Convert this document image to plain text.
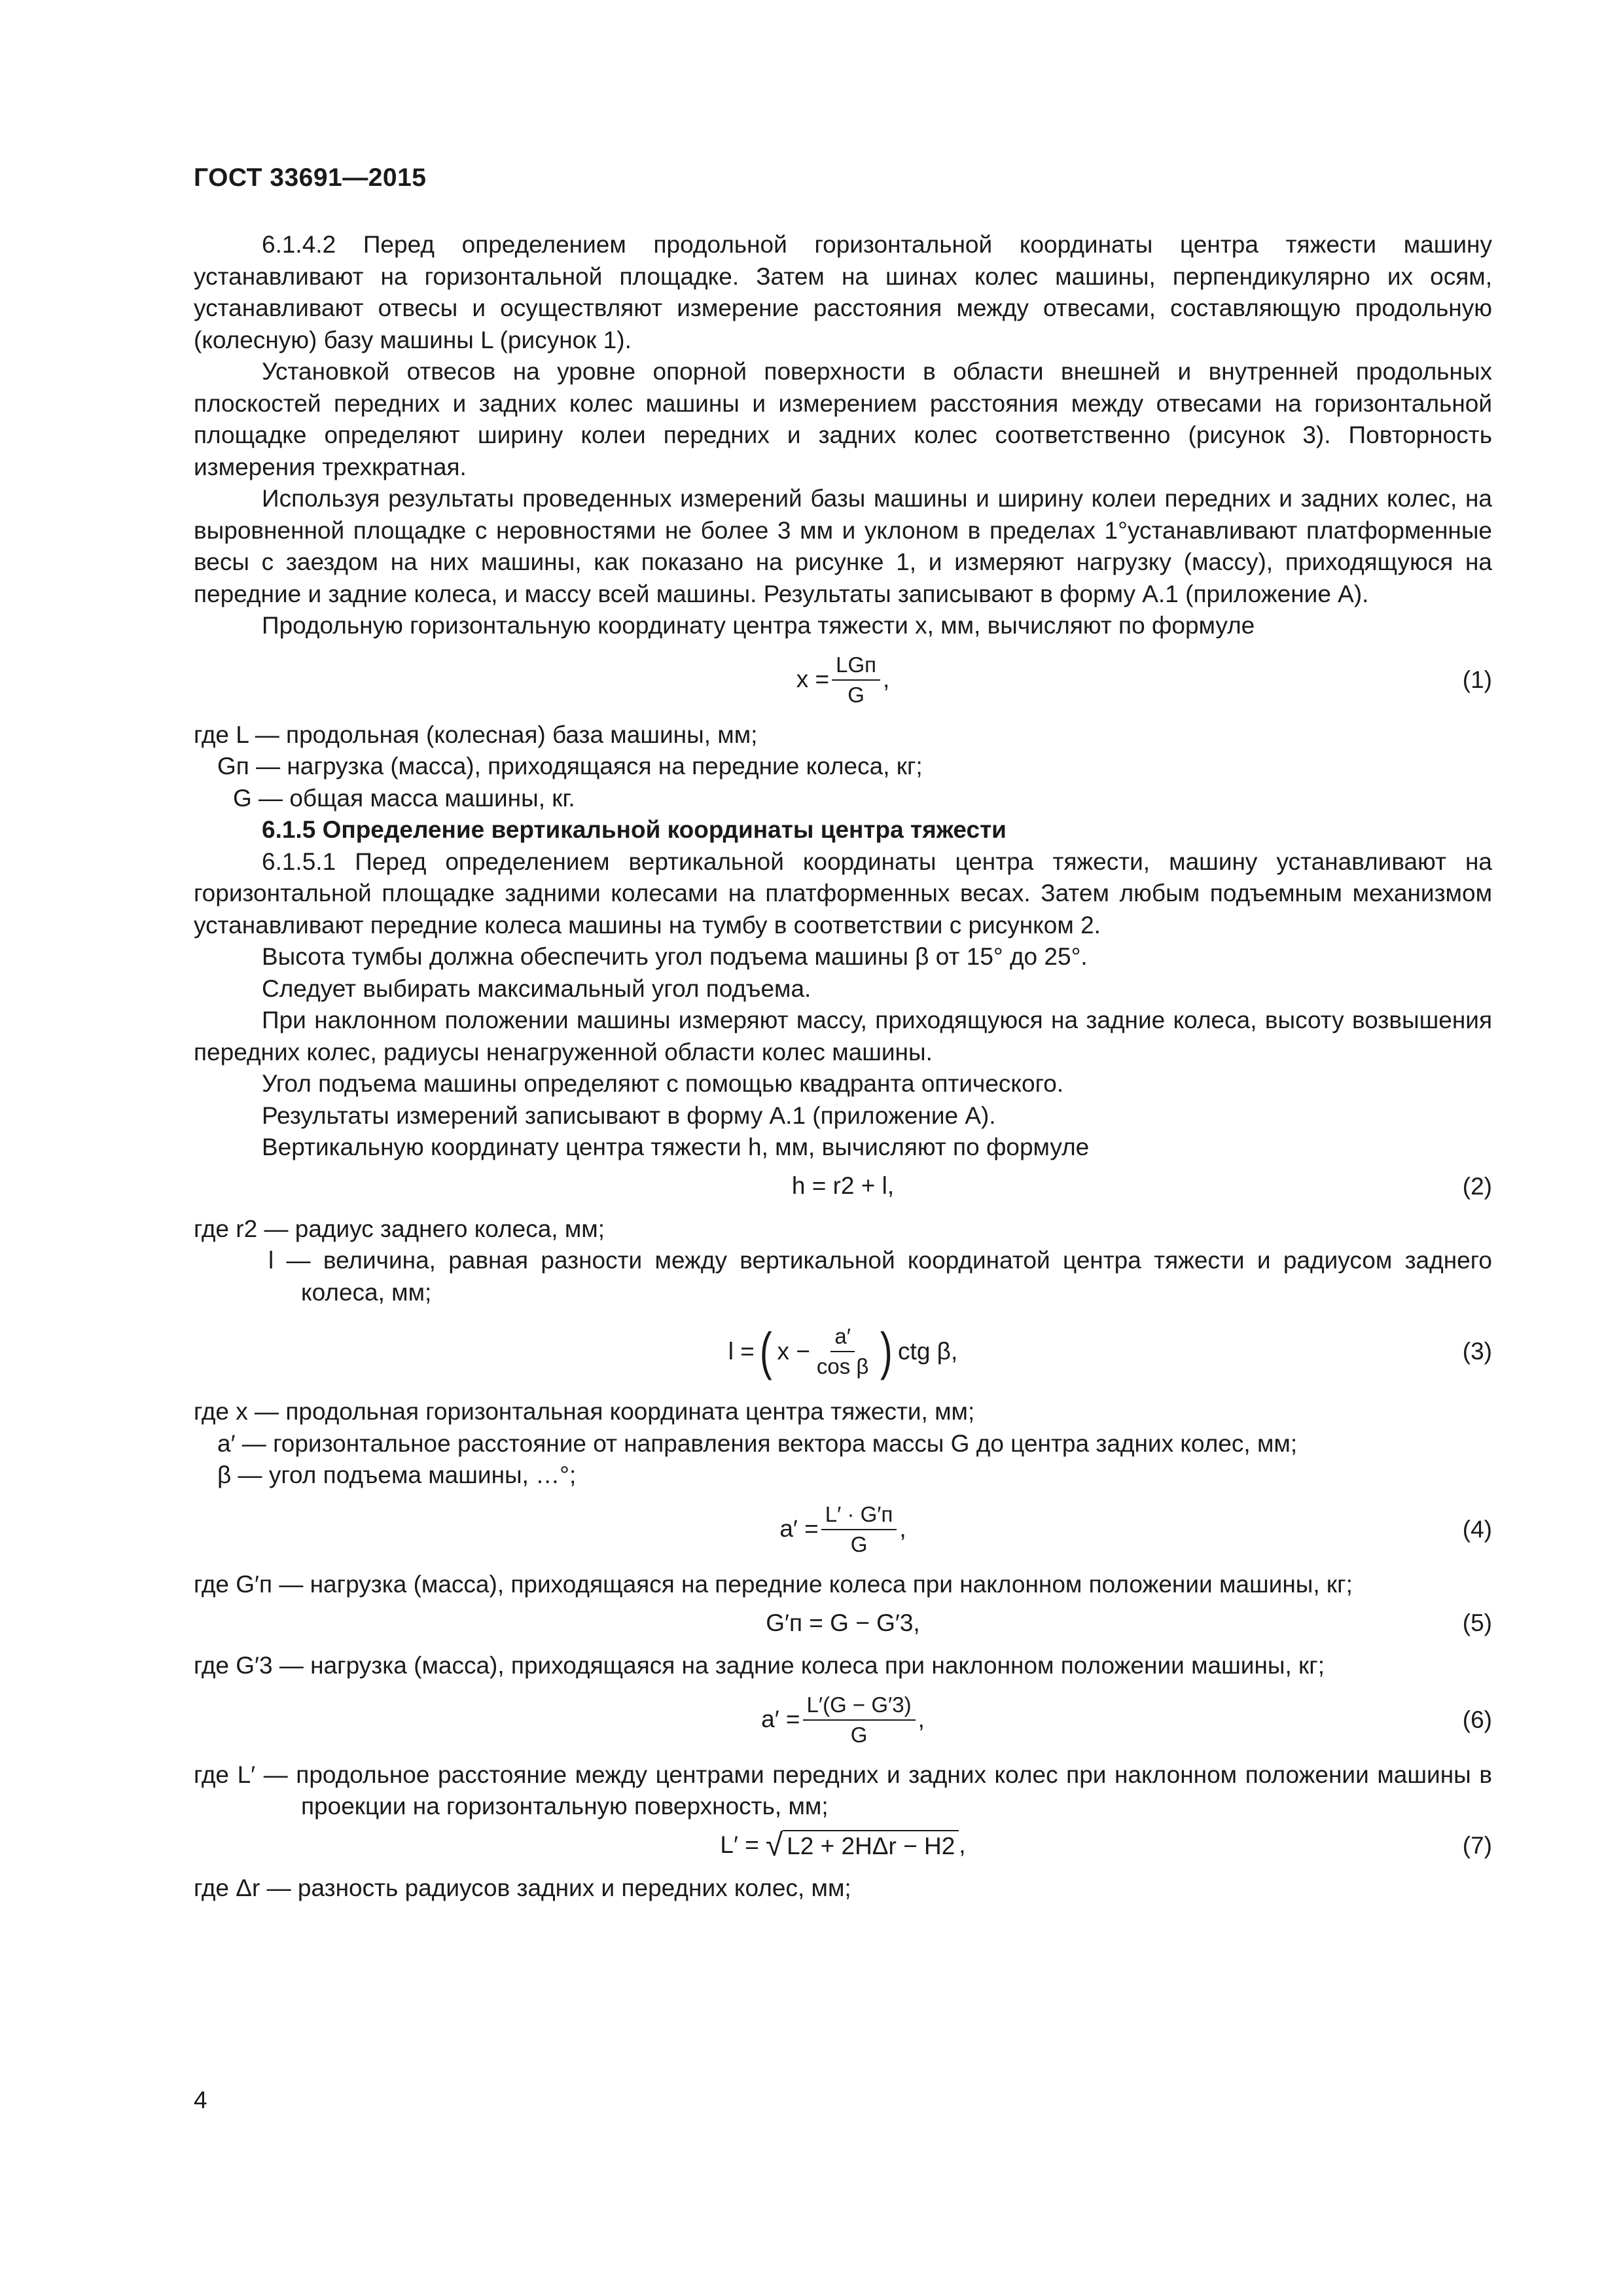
ГОСТ 33691—2015

6.1.4.2 Перед определением продольной горизонтальной координаты центра тяжести машину устанавливают на горизонтальной площадке. Затем на шинах колес машины, перпендикулярно их осям, устанавливают отвесы и осуществляют измерение расстояния между отвесами, составляющую продольную (колесную) базу машины L (рисунок 1).

Установкой отвесов на уровне опорной поверхности в области внешней и внутренней продольных плоскостей передних и задних колес машины и измерением расстояния между отвесами на горизонтальной площадке определяют ширину колеи передних и задних колес соответственно (рисунок 3). Повторность измерения трехкратная.

Используя результаты проведенных измерений базы машины и ширину колеи передних и задних колес, на выровненной площадке с неровностями не более 3 мм и уклоном в пределах 1°устанавливают платформенные весы с заездом на них машины, как показано на рисунке 1, и измеряют нагрузку (массу), приходящуюся на передние и задние колеса, и массу всей машины. Результаты записывают в форму А.1 (приложение А).

Продольную горизонтальную координату центра тяжести x, мм, вычисляют по формуле

$x = \frac{\text{LGп}}{G}$ ,	(1)

где L — продольная (колесная) база машины, мм;

Gп — нагрузка (масса), приходящаяся на передние колеса, кг;

G — общая масса машины, кг.

6.1.5 Определение вертикальной координаты центра тяжести

6.1.5.1 Перед определением вертикальной координаты центра тяжести, машину устанавливают на горизонтальной площадке задними колесами на платформенных весах. Затем любым подъемным механизмом устанавливают передние колеса машины на тумбу в соответствии с рисунком 2.

Высота тумбы должна обеспечить угол подъема машины β от 15° до 25°.

Следует выбирать максимальный угол подъема.

При наклонном положении машины измеряют массу, приходящуюся на задние колеса, высоту возвышения передних колес, радиусы ненагруженной области колес машины.

Угол подъема машины определяют с помощью квадранта оптического.

Результаты измерений записывают в форму А.1 (приложение А).

Вертикальную координату центра тяжести h, мм, вычисляют по формуле

h = r2 + l,	(2)

где r2 — радиус заднего колеса, мм;

l — величина, равная разности между вертикальной координатой центра тяжести и радиусом заднего колеса, мм;

l = ( $x - \frac{a'}{\text{cos β}}$ ) ctg β,	(3)

где x — продольная горизонтальная координата центра тяжести, мм;

a′ — горизонтальное расстояние от направления вектора массы G до центра задних колес, мм;

β — угол подъема машины, …°;

$a' = \frac{L' \cdot G'п}{G}$ ,	(4)

где G′п — нагрузка (масса), приходящаяся на передние колеса при наклонном положении машины, кг;

G′п = G − G′3,	(5)

где G′3 — нагрузка (масса), приходящаяся на задние колеса при наклонном положении машины, кг;

$a' = \frac{L'(G - G'3)}{G}$ ,	(6)

где L′ — продольное расстояние между центрами передних и задних колес при наклонном положении машины в проекции на горизонтальную поверхность, мм;

L′ = √ L2 + 2HΔr − H2 ,	(7)

где Δr — разность радиусов задних и передних колес, мм;

4
